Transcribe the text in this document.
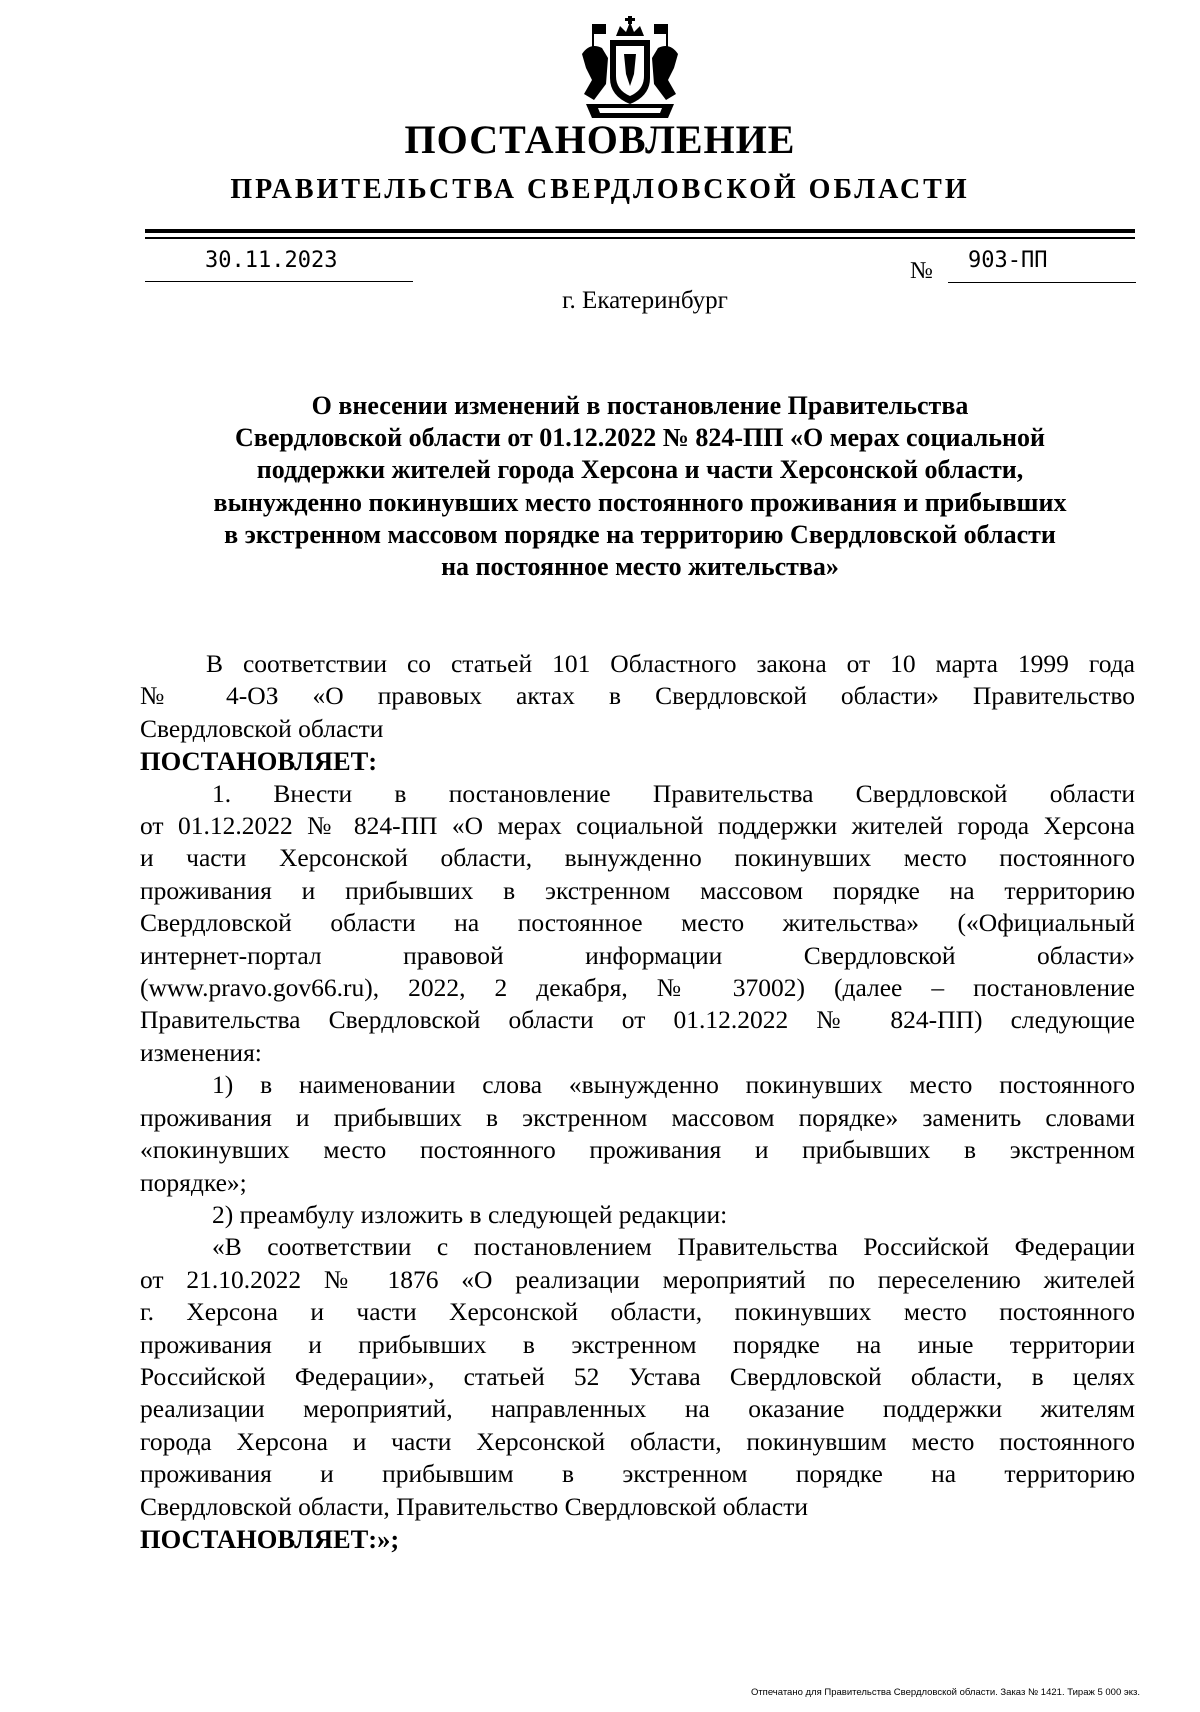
ПОСТАНОВЛЕНИЕ
ПРАВИТЕЛЬСТВА СВЕРДЛОВСКОЙ ОБЛАСТИ
30.11.2023	№ 903-ПП
г. Екатеринбург
О внесении изменений в постановление Правительства
Свердловской области от 01.12.2022 № 824-ПП «О мерах социальной
поддержки жителей города Херсона и части Херсонской области,
вынужденно покинувших место постоянного проживания и прибывших
в экстренном массовом порядке на территорию Свердловской области
на постоянное место жительства»
В соответствии со статьей 101 Областного закона от 10 марта 1999 года
№ 4-ОЗ «О правовых актах в Свердловской области» Правительство
Свердловской области
ПОСТАНОВЛЯЕТ:
1. Внести в постановление Правительства Свердловской области
от 01.12.2022 № 824-ПП «О мерах социальной поддержки жителей города Херсона
и части Херсонской области, вынужденно покинувших место постоянного
проживания и прибывших в экстренном массовом порядке на территорию
Свердловской области на постоянное место жительства» («Официальный
интернет-портал правовой информации Свердловской области»
(www.pravo.gov66.ru), 2022, 2 декабря, № 37002) (далее – постановление
Правительства Свердловской области от 01.12.2022 № 824-ПП) следующие
изменения:
1) в наименовании слова «вынужденно покинувших место постоянного
проживания и прибывших в экстренном массовом порядке» заменить словами
«покинувших место постоянного проживания и прибывших в экстренном
порядке»;
2) преамбулу изложить в следующей редакции:
«В соответствии с постановлением Правительства Российской Федерации
от 21.10.2022 № 1876 «О реализации мероприятий по переселению жителей
г. Херсона и части Херсонской области, покинувших место постоянного
проживания и прибывших в экстренном порядке на иные территории
Российской Федерации», статьей 52 Устава Свердловской области, в целях
реализации мероприятий, направленных на оказание поддержки жителям
города Херсона и части Херсонской области, покинувшим место постоянного
проживания и прибывшим в экстренном порядке на территорию
Свердловской области, Правительство Свердловской области
ПОСТАНОВЛЯЕТ:»;
Отпечатано для Правительства Свердловской области. Заказ № 1421. Тираж 5 000 экз.
